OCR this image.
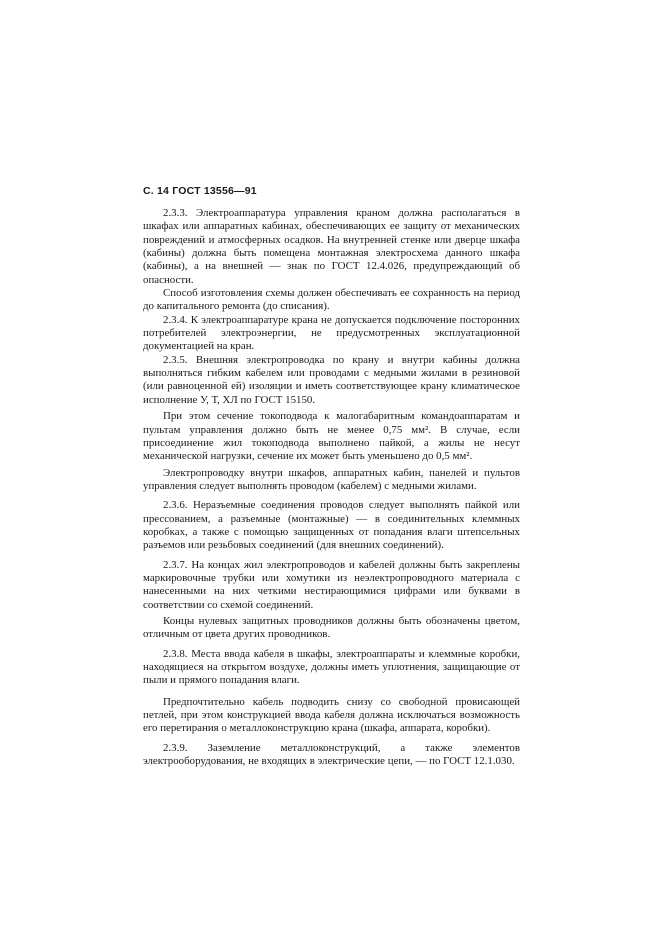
С. 14 ГОСТ 13556—91

2.3.3. Электроаппаратура управления краном должна располагаться в шкафах или аппаратных кабинах, обеспечивающих ее защиту от механических повреждений и атмосферных осадков. На внутренней стенке или дверце шкафа (кабины) должна быть помещена монтажная электросхема данного шкафа (кабины), а на внешней — знак по ГОСТ 12.4.026, предупреждающий об опасности.

Способ изготовления схемы должен обеспечивать ее сохранность на период до капитального ремонта (до списания).

2.3.4. К электроаппаратуре крана не допускается подключение посторонних потребителей электроэнергии, не предусмотренных эксплуатационной документацией на кран.

2.3.5. Внешняя электропроводка по крану и внутри кабины должна выполняться гибким кабелем или проводами с медными жилами в резиновой (или равноценной ей) изоляции и иметь соответствующее крану климатическое исполнение У, Т, ХЛ по ГОСТ 15150.

При этом сечение токоподвода к малогабаритным командоаппаратам и пультам управления должно быть не менее 0,75 мм². В случае, если присоединение жил токоподвода выполнено пайкой, а жилы не несут механической нагрузки, сечение их может быть уменьшено до 0,5 мм².

Электропроводку внутри шкафов, аппаратных кабин, панелей и пультов управления следует выполнять проводом (кабелем) с медными жилами.

2.3.6. Неразъемные соединения проводов следует выполнять пайкой или прессованием, а разъемные (монтажные) — в соединительных клеммных коробках, а также с помощью защищенных от попадания влаги штепсельных разъемов или резьбовых соединений (для внешних соединений).

2.3.7. На концах жил электропроводов и кабелей должны быть закреплены маркировочные трубки или хомутики из неэлектропроводного материала с нанесенными на них четкими нестирающимися цифрами или буквами в соответствии со схемой соединений.

Концы нулевых защитных проводников должны быть обозначены цветом, отличным от цвета других проводников.

2.3.8. Места ввода кабеля в шкафы, электроаппараты и клеммные коробки, находящиеся на открытом воздухе, должны иметь уплотнения, защищающие от пыли и прямого попадания влаги.

Предпочтительно кабель подводить снизу со свободной провисающей петлей, при этом конструкцией ввода кабеля должна исключаться возможность его перетирания о металлоконструкцию крана (шкафа, аппарата, коробки).

2.3.9. Заземление металлоконструкций, а также элементов электрооборудования, не входящих в электрические цепи, — по ГОСТ 12.1.030.
